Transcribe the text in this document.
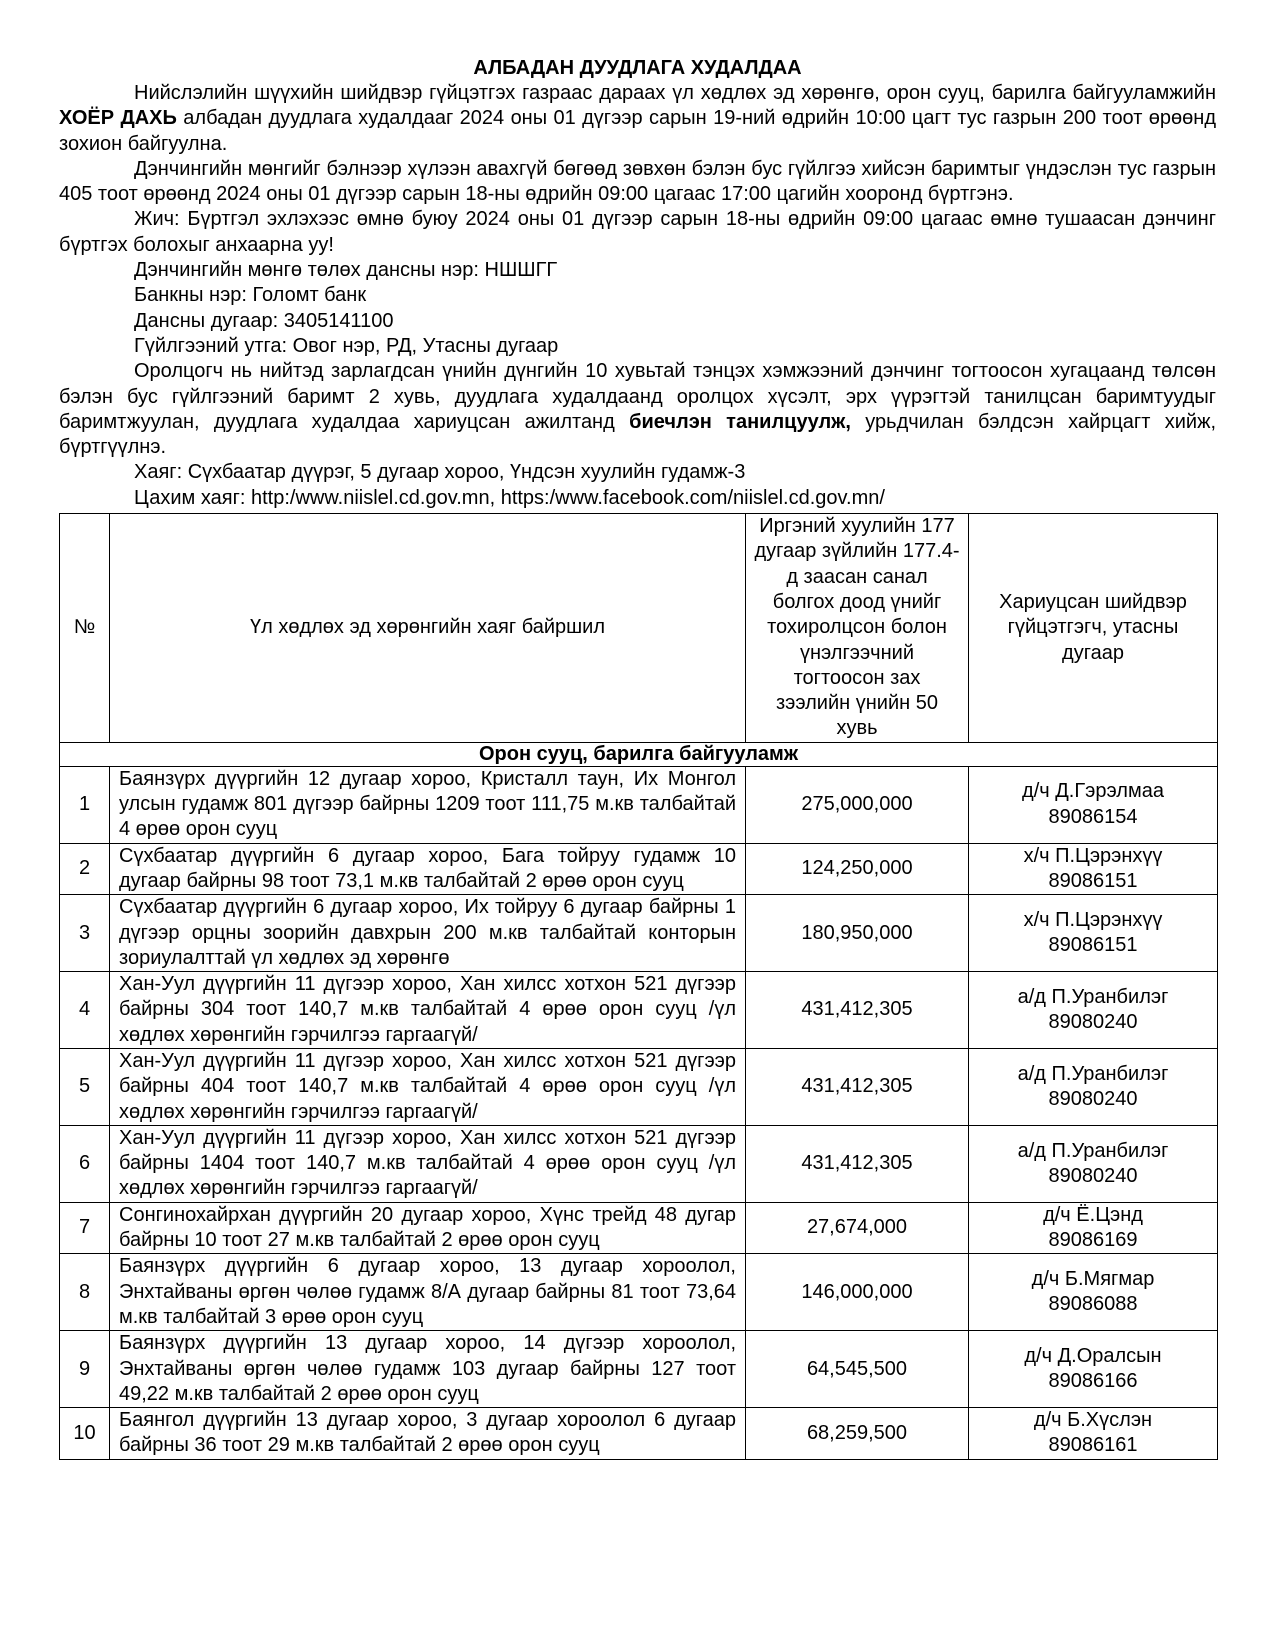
АЛБАДАН ДУУДЛАГА ХУДАЛДАА

Нийслэлийн шүүхийн шийдвэр гүйцэтгэх газраас дараах үл хөдлөх эд хөрөнгө, орон сууц, барилга байгууламжийн ХОЁР ДАХЬ албадан дуудлага худалдааг 2024 оны 01 дүгээр сарын 19-ний өдрийн 10:00 цагт тус газрын 200 тоот өрөөнд зохион байгуулна.

Дэнчингийн мөнгийг бэлнээр хүлээн авахгүй бөгөөд зөвхөн бэлэн бус гүйлгээ хийсэн баримтыг үндэслэн тус газрын 405 тоот өрөөнд 2024 оны 01 дүгээр сарын 18-ны өдрийн 09:00 цагаас 17:00 цагийн хооронд бүртгэнэ.

Жич: Бүртгэл эхлэхээс өмнө буюу 2024 оны 01 дүгээр сарын 18-ны өдрийн 09:00 цагаас өмнө тушаасан дэнчинг бүртгэх болохыг анхаарна уу!

Дэнчингийн мөнгө төлөх дансны нэр: НШШГГ

Банкны нэр: Голомт банк

Дансны дугаар: 3405141100

Гүйлгээний утга: Овог нэр, РД, Утасны дугаар

Оролцогч нь нийтэд зарлагдсан үнийн дүнгийн 10 хувьтай тэнцэх хэмжээний дэнчинг тогтоосон хугацаанд төлсөн бэлэн бус гүйлгээний баримт 2 хувь, дуудлага худалдаанд оролцох хүсэлт, эрх үүрэгтэй танилцсан баримтуудыг баримтжуулан, дуудлага худалдаа хариуцсан ажилтанд биечлэн танилцуулж, урьдчилан бэлдсэн хайрцагт хийж, бүртгүүлнэ.

Хаяг: Сүхбаатар дүүрэг, 5 дугаар хороо, Үндсэн хуулийн гудамж-3

Цахим хаяг: http:/www.niislel.cd.gov.mn, https:/www.facebook.com/niislel.cd.gov.mn/

№	Үл хөдлөх эд хөрөнгийн хаяг байршил	Иргэний хуулийн 177 дугаар зүйлийн 177.4-д заасан санал болгох доод үнийг тохиролцсон болон үнэлгээчний тогтоосон зах зээлийн үнийн 50 хувь	Хариуцсан шийдвэр гүйцэтгэгч, утасны дугаар
Орон сууц, барилга байгууламж			
1	Баянзүрх дүүргийн 12 дугаар хороо, Кристалл таун, Их Монгол улсын гудамж 801 дүгээр байрны 1209 тоот 111,75 м.кв талбайтай 4 өрөө орон сууц	275,000,000	д/ч Д.Гэрэлмаа
89086154

2	Сүхбаатар дүүргийн 6 дугаар хороо, Бага тойруу гудамж 10 дугаар байрны 98 тоот 73,1 м.кв талбайтай 2 өрөө орон сууц	124,250,000	х/ч П.Цэрэнхүү
89086151

3	Сүхбаатар дүүргийн 6 дугаар хороо, Их тойруу 6 дугаар байрны 1 дүгээр орцны зоорийн давхрын 200 м.кв талбайтай конторын зориулалттай үл хөдлөх эд хөрөнгө	180,950,000	х/ч П.Цэрэнхүү
89086151

4	Хан-Уул дүүргийн 11 дүгээр хороо, Хан хилсс хотхон 521 дүгээр байрны 304 тоот 140,7 м.кв талбайтай 4 өрөө орон сууц /үл хөдлөх хөрөнгийн гэрчилгээ гаргаагүй/	431,412,305	а/д П.Уранбилэг
89080240

5	Хан-Уул дүүргийн 11 дүгээр хороо, Хан хилсс хотхон 521 дүгээр байрны 404 тоот 140,7 м.кв талбайтай 4 өрөө орон сууц /үл хөдлөх хөрөнгийн гэрчилгээ гаргаагүй/	431,412,305	а/д П.Уранбилэг
89080240

6	Хан-Уул дүүргийн 11 дүгээр хороо, Хан хилсс хотхон 521 дүгээр байрны 1404 тоот 140,7 м.кв талбайтай 4 өрөө орон сууц /үл хөдлөх хөрөнгийн гэрчилгээ гаргаагүй/	431,412,305	а/д П.Уранбилэг
89080240

7	Сонгинохайрхан дүүргийн 20 дугаар хороо, Хүнс трейд 48 дугар байрны 10 тоот 27 м.кв талбайтай 2 өрөө орон сууц	27,674,000	д/ч Ё.Цэнд
89086169

8	Баянзүрх дүүргийн 6 дугаар хороо, 13 дугаар хороолол, Энхтайваны өргөн чөлөө гудамж 8/А дугаар байрны 81 тоот 73,64 м.кв талбайтай 3 өрөө орон сууц	146,000,000	д/ч Б.Мягмар
89086088

9	Баянзүрх дүүргийн 13 дугаар хороо, 14 дүгээр хороолол, Энхтайваны өргөн чөлөө гудамж 103 дугаар байрны 127 тоот 49,22 м.кв талбайтай 2 өрөө орон сууц	64,545,500	д/ч Д.Оралсын
89086166

10	Баянгол дүүргийн 13 дугаар хороо, 3 дугаар хороолол 6 дугаар байрны 36 тоот 29 м.кв талбайтай 2 өрөө орон сууц	68,259,500	д/ч Б.Хүслэн
89086161
